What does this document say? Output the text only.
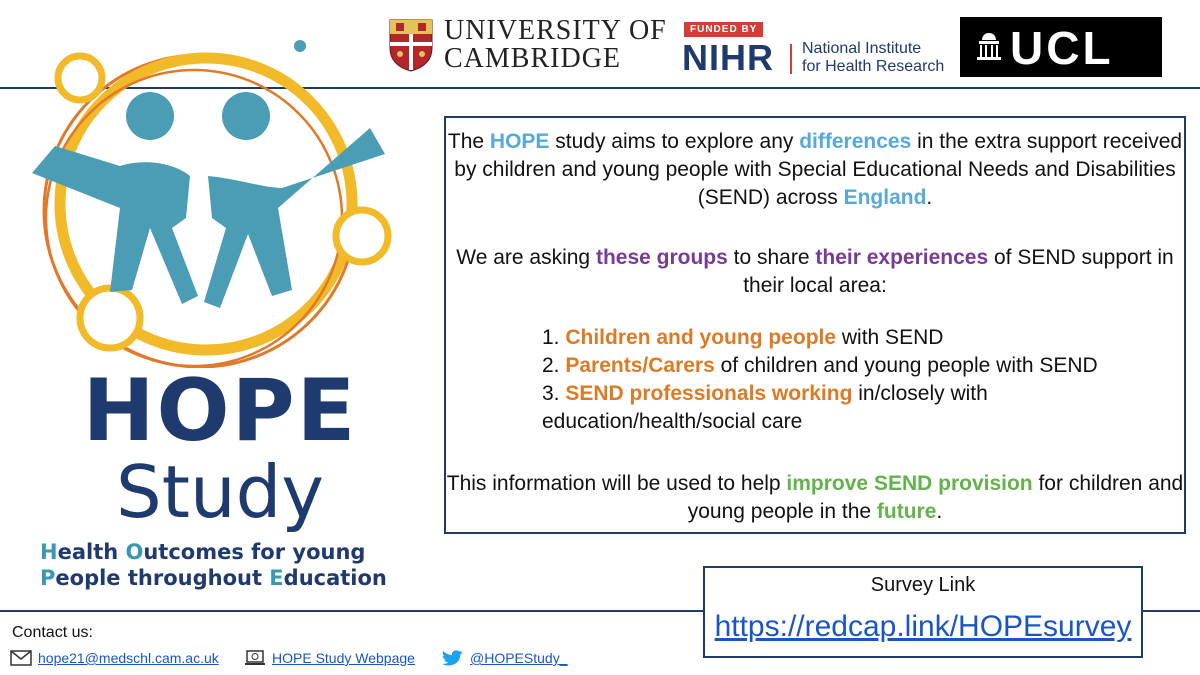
HOPE
Study
Health Outcomes for young
People throughout Education
UNIVERSITY OF
CAMBRIDGE
FUNDED BY
NIHR National Institute
for Health Research UCL
The HOPE study aims to explore any differences in the extra support received by children and young people with Special Educational Needs and Disabilities (SEND) across England.
We are asking these groups to share their experiences of SEND support in their local area:
1. Children and young people with SEND
2. Parents/Carers of children and young people with SEND
3. SEND professionals working in/closely with
education/health/social care
This information will be used to help improve SEND provision for children and young people in the future.
Survey Link
https://redcap.link/HOPEsurvey
Contact us:
hope21@medschl.cam.ac.uk	HOPE Study Webpage	@HOPEStudy_
